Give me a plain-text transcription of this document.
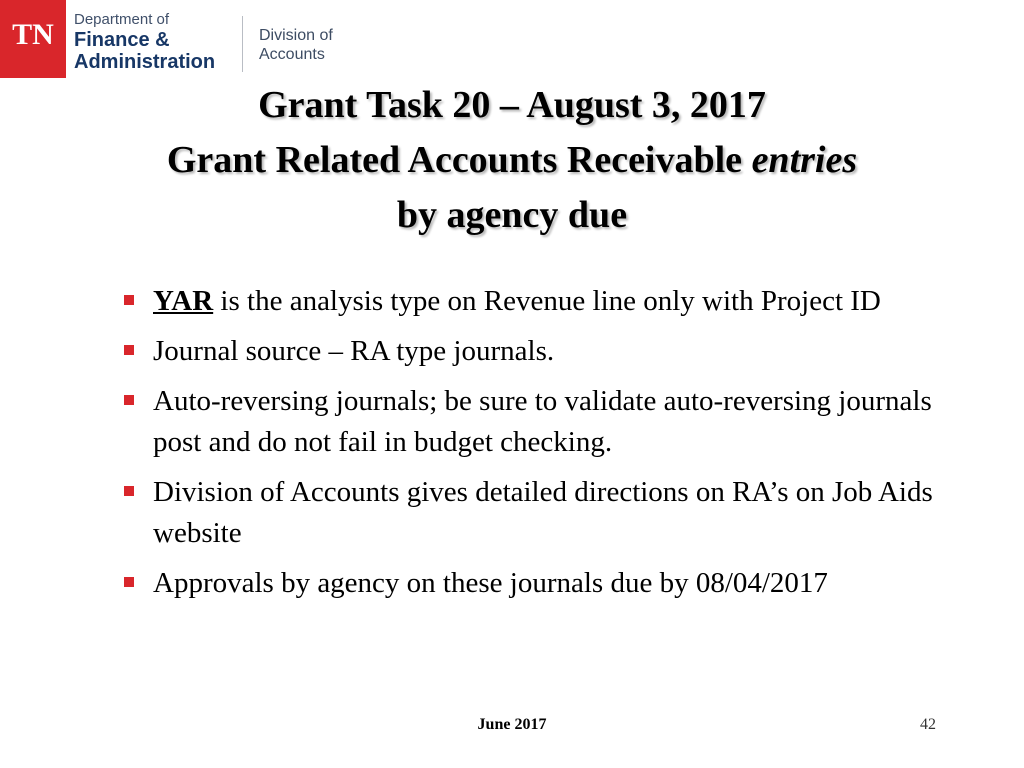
TN	Department of
Finance &
Administration
Division of
Accounts
Grant Task 20 – August 3, 2017
Grant Related Accounts Receivable entries
by agency due
YAR is the analysis type on Revenue line only with Project ID
Journal source – RA type journals.
Auto-reversing journals; be sure to validate auto-reversing journals post and do not fail in budget checking.
Division of Accounts gives detailed directions on RA’s on Job Aids website
Approvals by agency on these journals due by 08/04/2017
June 2017	42
